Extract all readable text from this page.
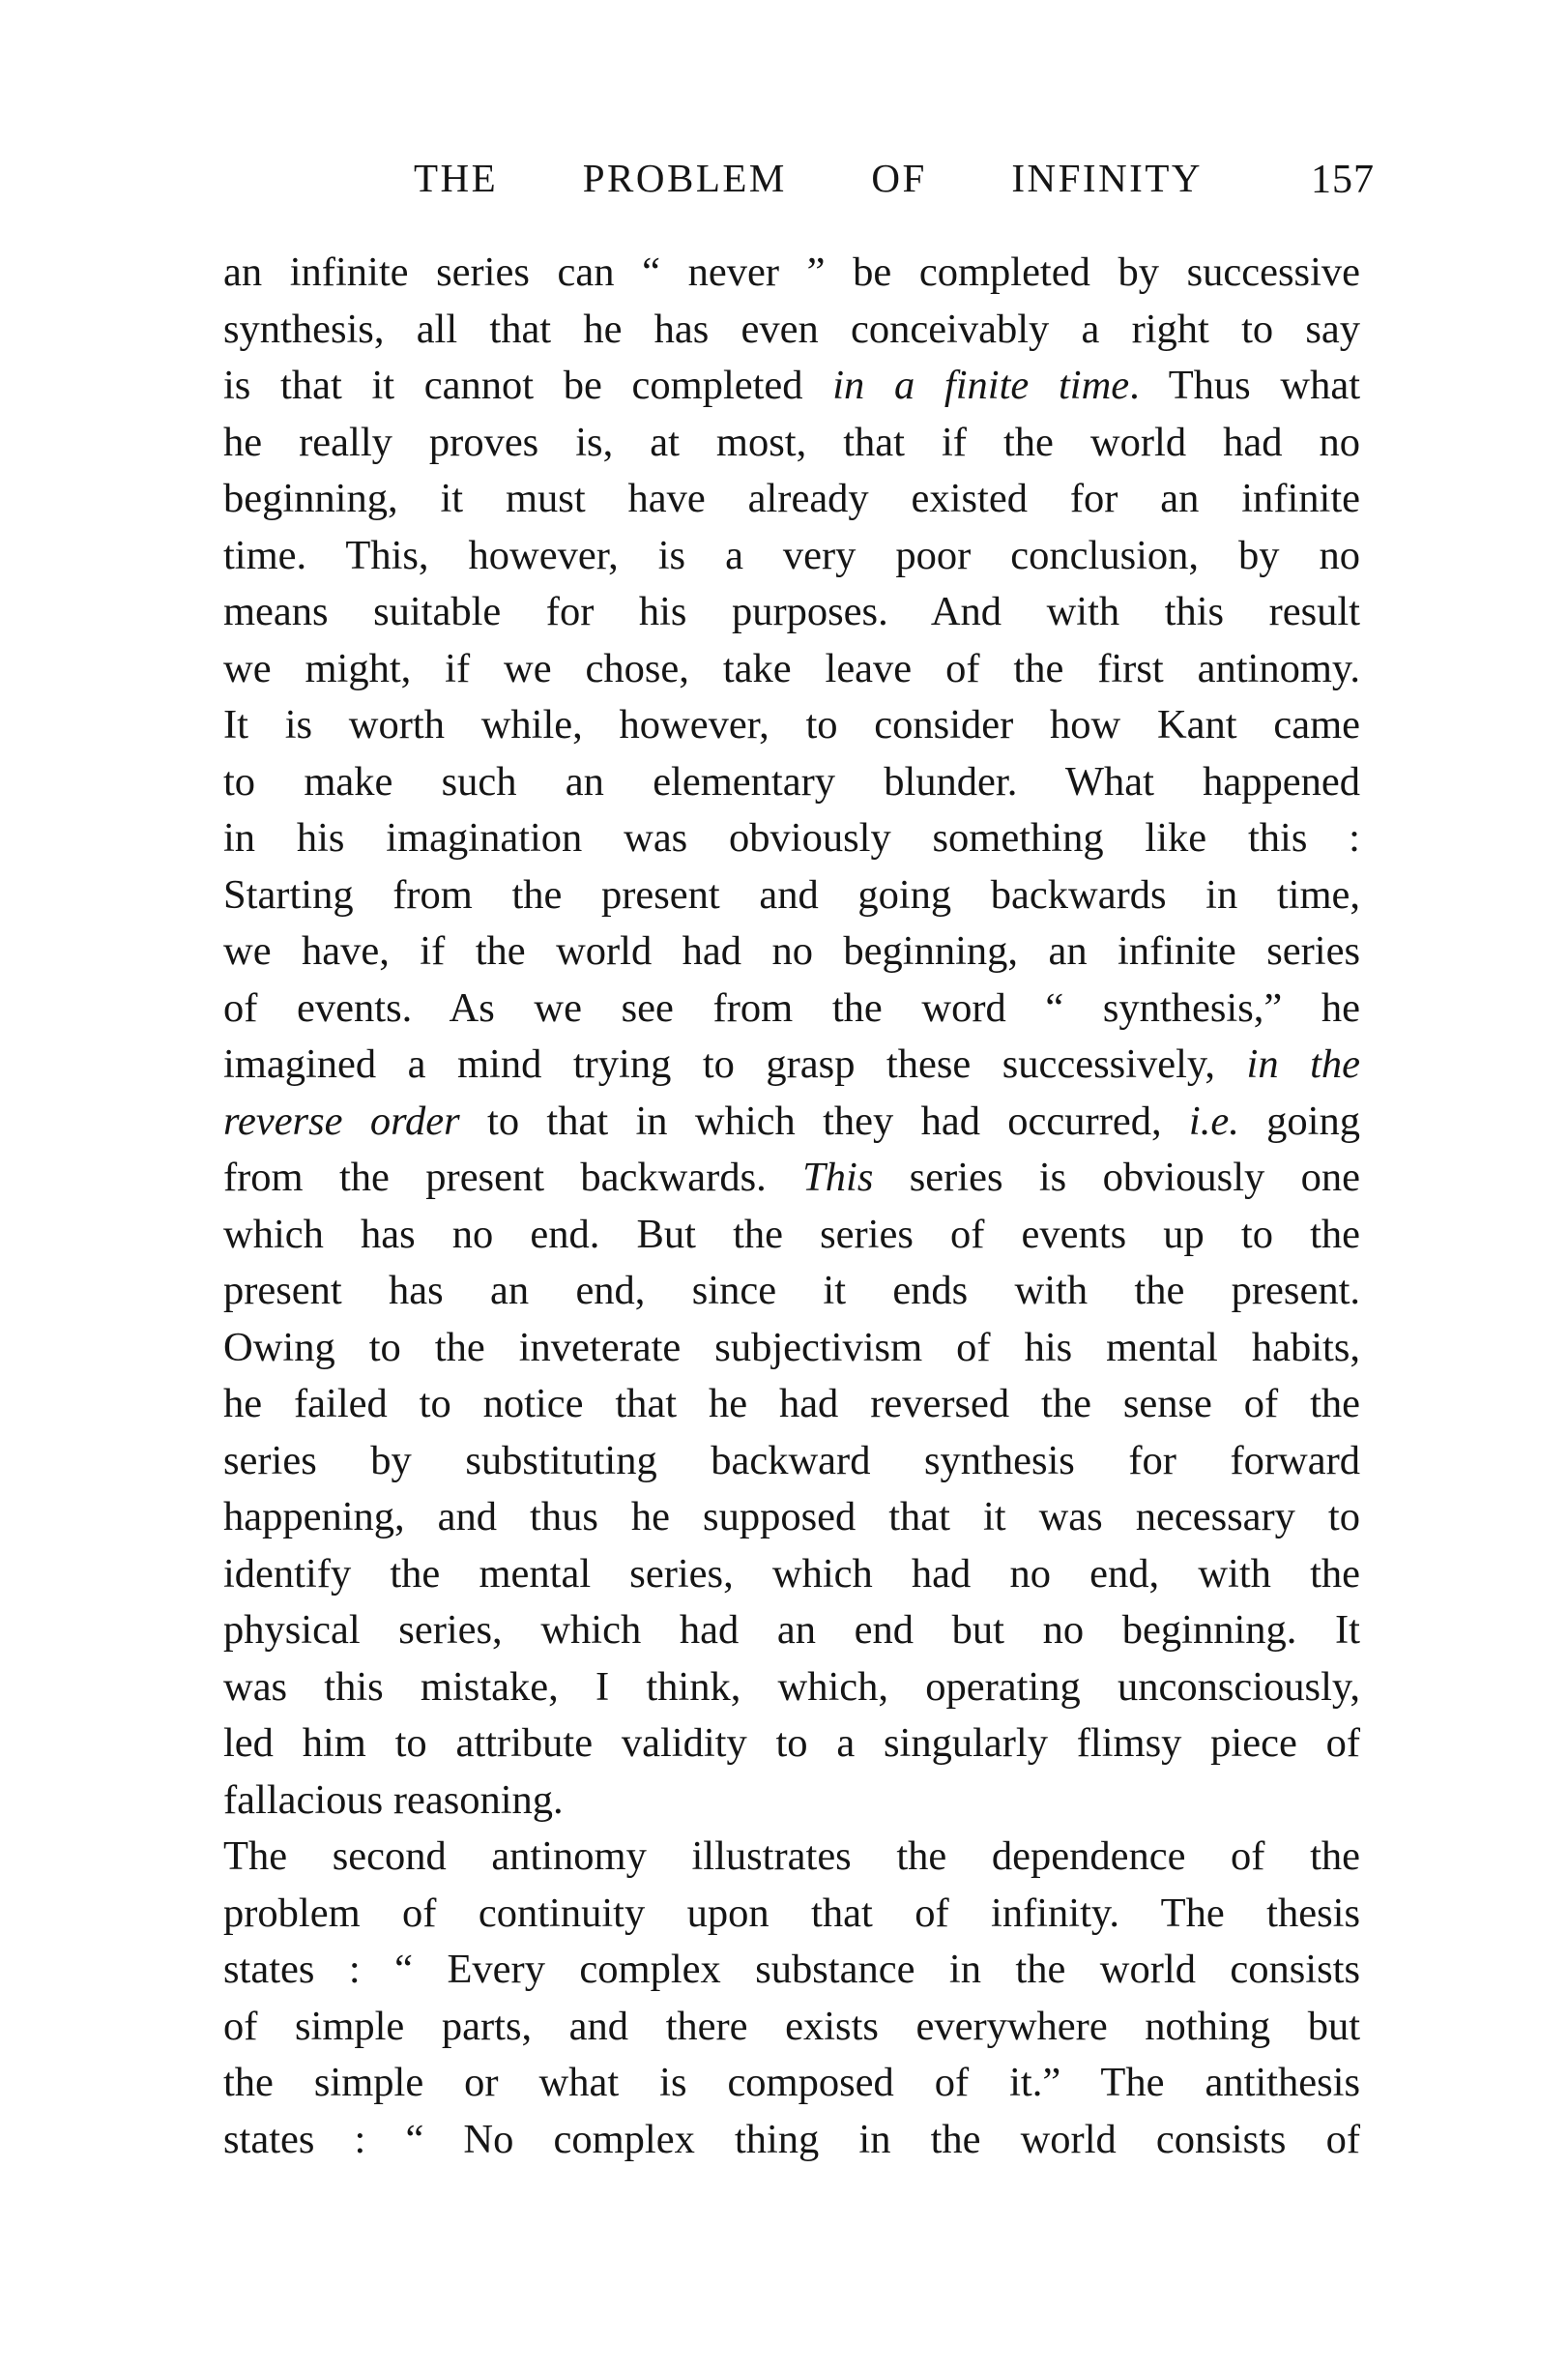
THE PROBLEM OF INFINITY	157
an infinite series can “ never ” be completed by successive
synthesis, all that he has even conceivably a right to say
is that it cannot be completed in a finite time. Thus what
he really proves is, at most, that if the world had no
beginning, it must have already existed for an infinite
time. This, however, is a very poor conclusion, by no
means suitable for his purposes. And with this result
we might, if we chose, take leave of the first antinomy.
It is worth while, however, to consider how Kant came
to make such an elementary blunder. What happened
in his imagination was obviously something like this :
Starting from the present and going backwards in time,
we have, if the world had no beginning, an infinite series
of events. As we see from the word “ synthesis,” he
imagined a mind trying to grasp these successively, in the
reverse order to that in which they had occurred, i.e. going
from the present backwards. This series is obviously one
which has no end. But the series of events up to the
present has an end, since it ends with the present.
Owing to the inveterate subjectivism of his mental habits,
he failed to notice that he had reversed the sense of the
series by substituting backward synthesis for forward
happening, and thus he supposed that it was necessary to
identify the mental series, which had no end, with the
physical series, which had an end but no beginning. It
was this mistake, I think, which, operating unconsciously,
led him to attribute validity to a singularly flimsy piece of
fallacious reasoning.
The second antinomy illustrates the dependence of the
problem of continuity upon that of infinity. The thesis
states : “ Every complex substance in the world consists
of simple parts, and there exists everywhere nothing but
the simple or what is composed of it.” The antithesis
states : “ No complex thing in the world consists of
